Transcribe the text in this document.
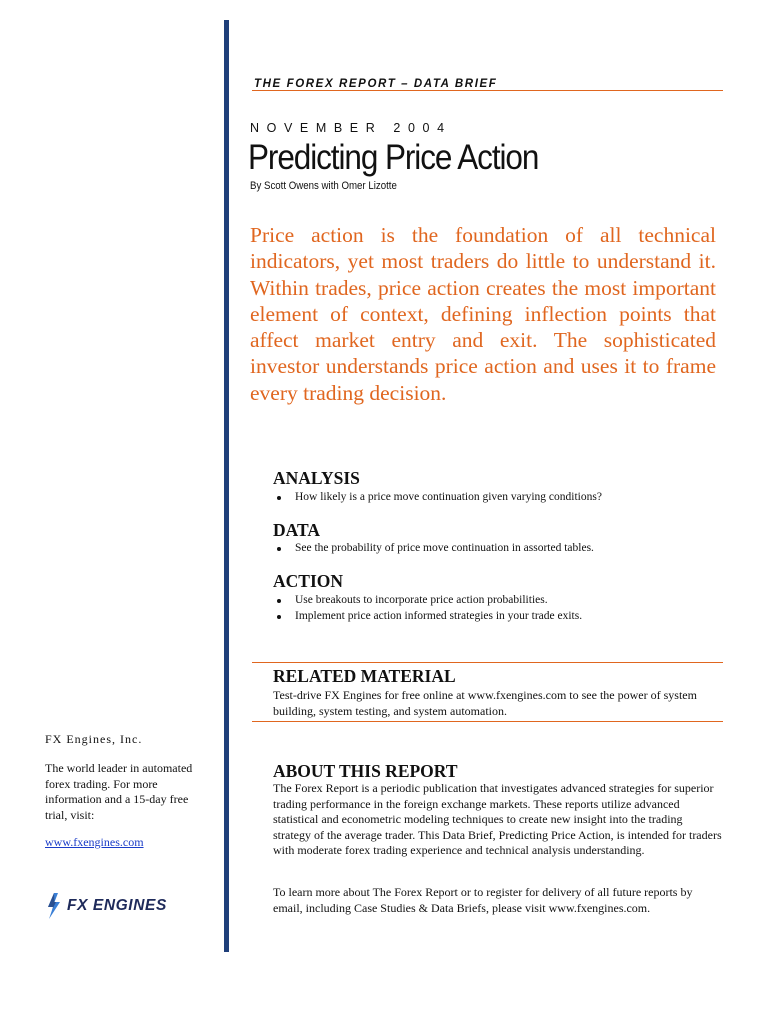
THE FOREX REPORT – DATA BRIEF
NOVEMBER 2004
Predicting Price Action
By Scott Owens with Omer Lizotte

Price action is the foundation of all technical indicators, yet most traders do little to understand it. Within trades, price action creates the most important element of context, defining inflection points that affect market entry and exit. The sophisticated investor understands price action and uses it to frame every trading decision.

ANALYSIS
How likely is a price move continuation given varying conditions?
DATA
See the probability of price move continuation in assorted tables.
ACTION
Use breakouts to incorporate price action probabilities.
Implement price action informed strategies in your trade exits.
RELATED MATERIAL

Test-drive FX Engines for free online at www.fxengines.com to see the power of system building, system testing, and system automation.

ABOUT THIS REPORT

The Forex Report is a periodic publication that investigates advanced strategies for superior trading performance in the foreign exchange markets. These reports utilize advanced statistical and econometric modeling techniques to create new insight into the trading strategy of the average trader. This Data Brief, Predicting Price Action, is intended for traders with moderate forex trading experience and technical analysis understanding.

To learn more about The Forex Report or to register for delivery of all future reports by email, including Case Studies & Data Briefs, please visit www.fxengines.com.

FX Engines, Inc.

The world leader in automated forex trading. For more information and a 15-day free trial, visit:

www.fxengines.com
FX ENGINES
